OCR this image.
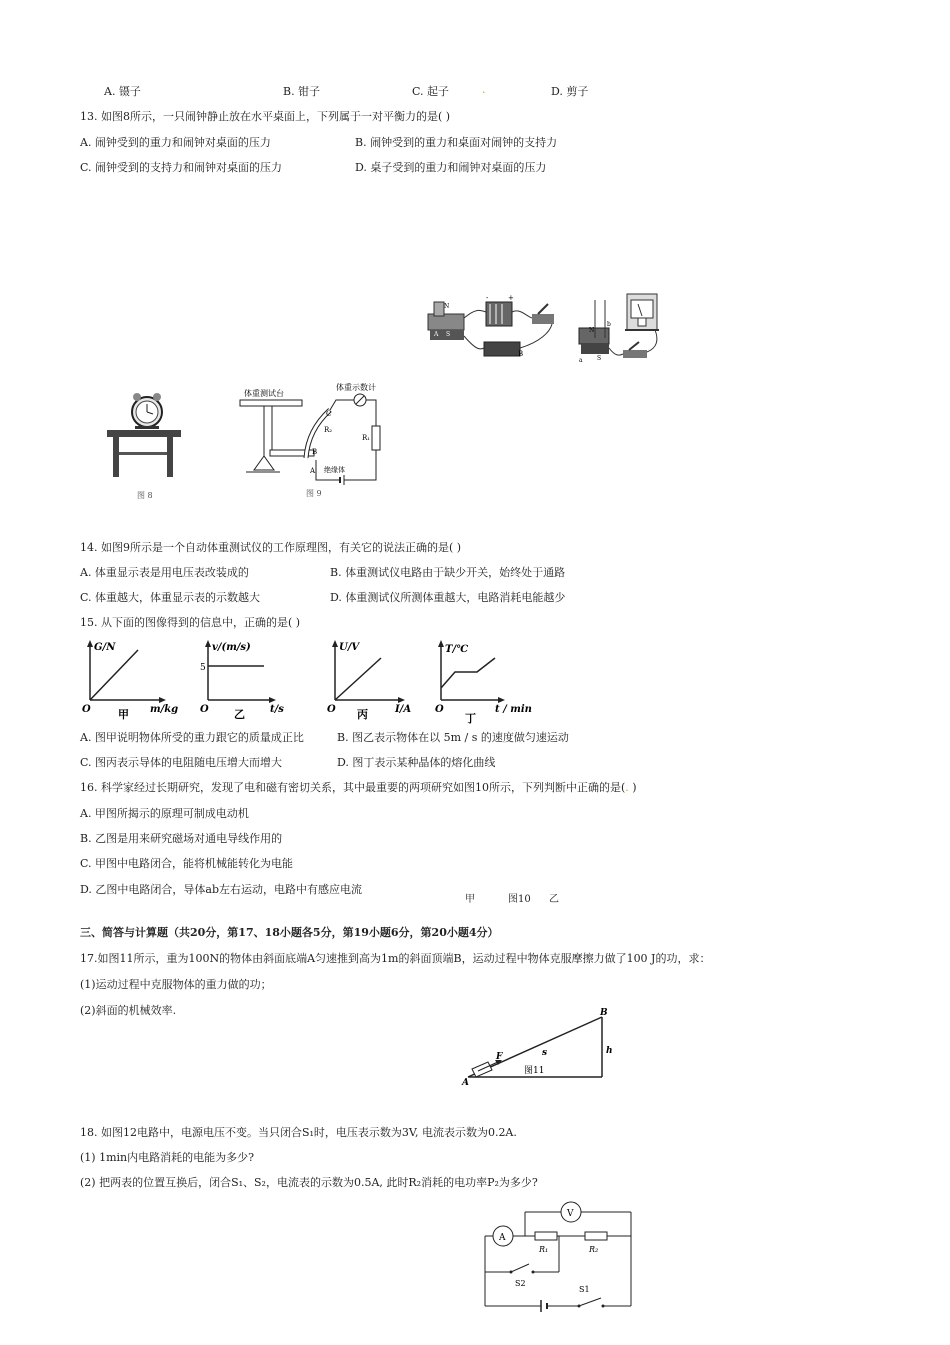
A. 镊子	B. 钳子	C. 起子	.	D. 剪子
13. 如图8所示，一只闹钟静止放在水平桌面上，下列属于一对平衡力的是( )
A. 闹钟受到的重力和闹钟对桌面的压力	B. 闹钟受到的重力和桌面对闹钟的支持力
C. 闹钟受到的支持力和闹钟对桌面的压力	D. 桌子受到的重力和闹钟对桌面的压力
A
N
S
+
-
B
N
S
a
b
图 8
体重测试台
体重示数计
C
R₂
B
A 绝缘体
R₁
图 9
14. 如图9所示是一个自动体重测试仪的工作原理图，有关它的说法正确的是( )
A. 体重显示表是用电压表改装成的	B. 体重测试仪电路由于缺少开关，始终处于通路
C. 体重越大，体重显示表的示数越大	D. 体重测试仪所测体重越大，电路消耗电能越少
15. 从下面的图像得到的信息中，正确的是( )
G/N
m/kg
O 甲
v/(m/s)
5
t/s
O 乙
U/V
I/A
O 丙
T/℃
t / min
O
丁
A. 图甲说明物体所受的重力跟它的质量成正比	B. 图乙表示物体在以 5m / s 的速度做匀速运动
C. 图丙表示导体的电阻随电压增大而增大	D. 图丁表示某种晶体的熔化曲线
16. 科学家经过长期研究，发现了电和磁有密切关系，其中最重要的两项研究如图10所示，下列判断中正确的是(. )
A. 甲图所揭示的原理可制成电动机
B. 乙图是用来研究磁场对通电导线作用的
C. 甲图中电路闭合，能将机械能转化为电能
D. 乙图中电路闭合，导体ab左右运动，电路中有感应电流
甲	图10 乙
三、简答与计算题（共20分，第17、18小题各5分，第19小题6分，第20小题4分）
17.如图11所示，重为100N的物体由斜面底端A匀速推到高为1m的斜面顶端B，运动过程中物体克服摩擦力做了100 J的功，求：
(1)运动过程中克服物体的重力做的功；
(2)斜面的机械效率.
F
A
B
s	h
图11
18. 如图12电路中，电源电压不变。当只闭合S₁时，电压表示数为3V, 电流表示数为0.2A.
(1) 1min内电路消耗的电能为多少?
(2) 把两表的位置互换后，闭合S₁、S₂，电流表的示数为0.5A, 此时R₂消耗的电功率P₂为多少?
S1
V
A
R₁	R₂
S2
